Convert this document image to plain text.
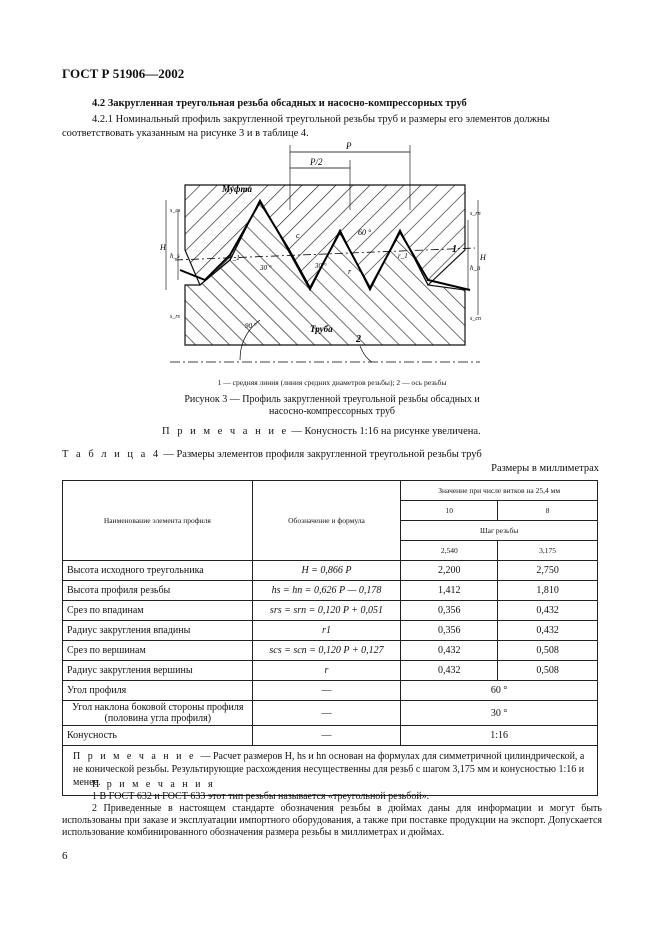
ГОСТ Р 51906—2002
4.2 Закругленная треугольная резьба обсадных и насосно-компрессорных труб

4.2.1 Номинальный профиль закругленной треугольной резьбы труб и размеры его элементов должны соответствовать указанным на рисунке 3 и в таблице 4.

P
P/2
H
h_s
s_cs
s_rs
H
h_n
s_rn
s_cn
Муфта
Труба
60 °
30 °	30 °
90 °
c
r
r_1	r_1
1
2
1 — средняя линия (линия средних диаметров резьбы); 2 — ось резьбы
Рисунок 3 — Профиль закругленной треугольной резьбы обсадных и
насосно-компрессорных труб
П р и м е ч а н и е — Конусность 1:16 на рисунке увеличена.
Т а б л и ц а 4 — Размеры элементов профиля закругленной треугольной резьбы труб
Размеры в миллиметрах
Наименование элемента профиля	Обозначение и формула	Значение при числе витков на 25,4 мм	
		10	8
		Шаг резьбы	
		2,540	3,175
Высота исходного треугольника	H = 0,866 P	2,200	2,750
Высота профиля резьбы	hs = hn = 0,626 P — 0,178	1,412	1,810
Срез по впадинам	srs = srn = 0,120 P + 0,051	0,356	0,432
Радиус закругления впадины	r1	0,356	0,432
Срез по вершинам	scs = scn = 0,120 P + 0,127	0,432	0,508
Радиус закругления вершины	r	0,432	0,508
Угол профиля	—	60 °	
Угол наклона боковой стороны профиля (половина угла профиля)	—	30 °	
Конусность	—	1:16	
П р и м е ч а н и е — Расчет размеров H, hs и hn основан на формулах для симметричной цилиндрической, а не конической резьбы. Результирующие расхождения несущественны для резьб с шагом 3,175 мм и конусностью 1:16 и менее.			

П р и м е ч а н и я

1 В ГОСТ 632 и ГОСТ 633 этот тип резьбы называется «треугольной резьбой».

2 Приведенные в настоящем стандарте обозначения резьбы в дюймах даны для информации и могут быть использованы при заказе и эксплуатации импортного оборудования, а также при поставке продукции на экспорт. Допускается использование комбинированного обозначения размера резьбы в миллиметрах и дюймах.

6
